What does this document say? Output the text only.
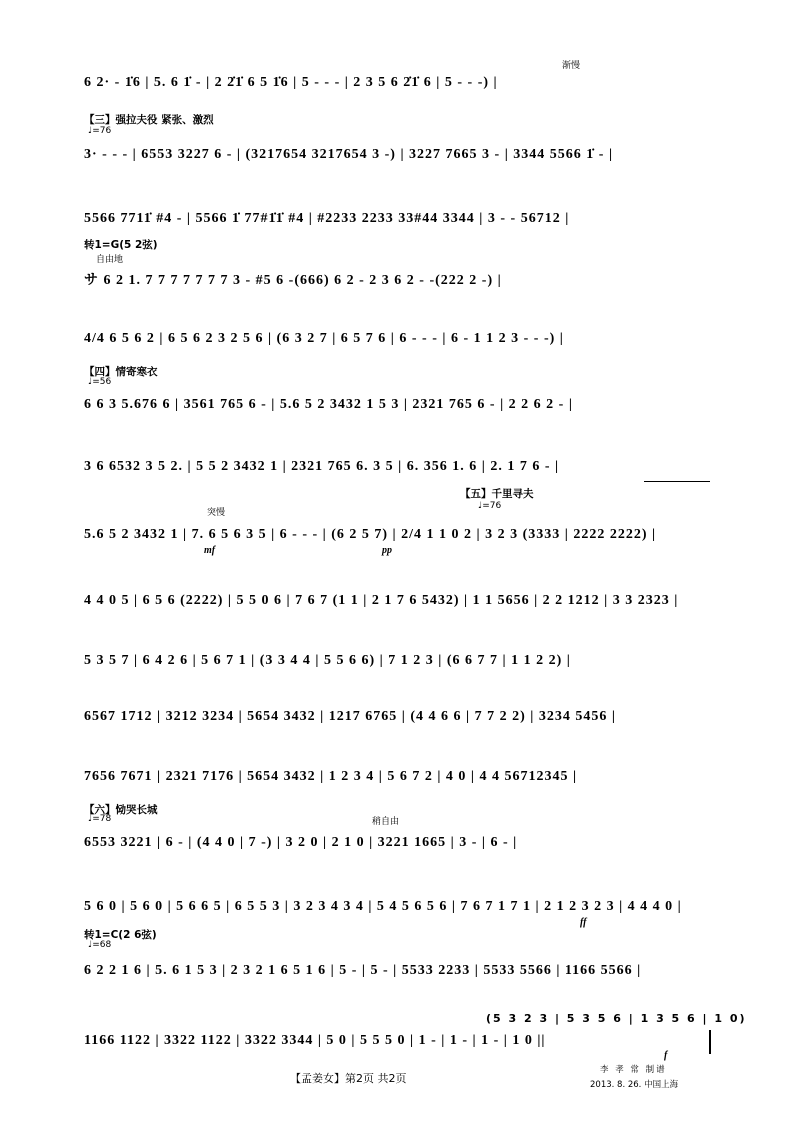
渐慢
6 2· - 1̇6 | 5. 6 1̇ - | 2 2̇1̇ 6 5 1̇6 | 5 - - - | 2 3 5 6 2̇1̇ 6 | 5 - - -) |
【三】强拉夫役 紧张、激烈
♩=76
3· - - - | 6553 3227 6 - | (3217654 3217654 3 -) | 3227 7665 3 - | 3344 5566 1̇ - |
5566 7711̇ #4 - | 5566 1̇ 77#1̇1̇ #4 | #2233 2233 33#44 3344 | 3 - - 56712 |
转1=G(5 2弦)
自由地
サ 6 2 1. 7 7 7 7 7 7 7 3 - #5 6 -(666) 6 2 - 2 3 6 2 - -(222 2 -) |
4/4 6 5 6 2 | 6 5 6 2 3 2 5 6 | (6 3 2 7 | 6 5 7 6 | 6 - - - | 6 - 1 1 2 3 - - -) |
【四】情寄寒衣
♩=56
6 6 3 5.676 6 | 3561 765 6 - | 5.6 5 2 3432 1 5 3 | 2321 765 6 - | 2 2 6 2 - |
3 6 6532 3 5 2. | 5 5 2 3432 1 | 2321 765 6. 3 5 | 6. 356 1. 6 | 2. 1 7 6 - |
【五】千里寻夫
突慢
♩=76
5.6 5 2 3432 1 | 7. 6 5 6 3 5 | 6 - - - | (6 2 5 7) | 2/4 1 1 0 2 | 3 2 3 (3333 | 2222 2222) |
mf	pp
4 4 0 5 | 6 5 6 (2222) | 5 5 0 6 | 7 6 7 (1 1 | 2 1 7 6 5432) | 1 1 5656 | 2 2 1212 | 3 3 2323 |
5 3 5 7 | 6 4 2 6 | 5 6 7 1 | (3 3 4 4 | 5 5 6 6) | 7 1 2 3 | (6 6 7 7 | 1 1 2 2) |
6567 1712 | 3212 3234 | 5654 3432 | 1217 6765 | (4 4 6 6 | 7 7 2 2) | 3234 5456 |
7656 7671 | 2321 7176 | 5654 3432 | 1 2 3 4 | 5 6 7 2 | 4 0 | 4 4 56712345 |
【六】恸哭长城
♩=78	稍自由
6553 3221 | 6 - | (4 4 0 | 7 -) | 3 2 0 | 2 1 0 | 3221 1665 | 3 - | 6 - |
5 6 0 | 5 6 0 | 5 6 6 5 | 6 5 5 3 | 3 2 3 4 3 4 | 5 4 5 6 5 6 | 7 6 7 1 7 1 | 2 1 2 3 2 3 | 4 4 4 0 |
ff
转1=C(2 6弦)
♩=68
6 2 2 1 6 | 5. 6 1 5 3 | 2 3 2 1 6 5 1 6 | 5 - | 5 - | 5533 2233 | 5533 5566 | 1166 5566 |
(5 3 2 3 | 5 3 5 6 | 1 3 5 6 | 1 0)
1166 1122 | 3322 1122 | 3322 3344 | 5 0 | 5 5 5 0 | 1 - | 1 - | 1 - | 1 0 ||
f
【孟姜女】第2页 共2页
李 孝 常 制谱
2013. 8. 26. 中国上海
